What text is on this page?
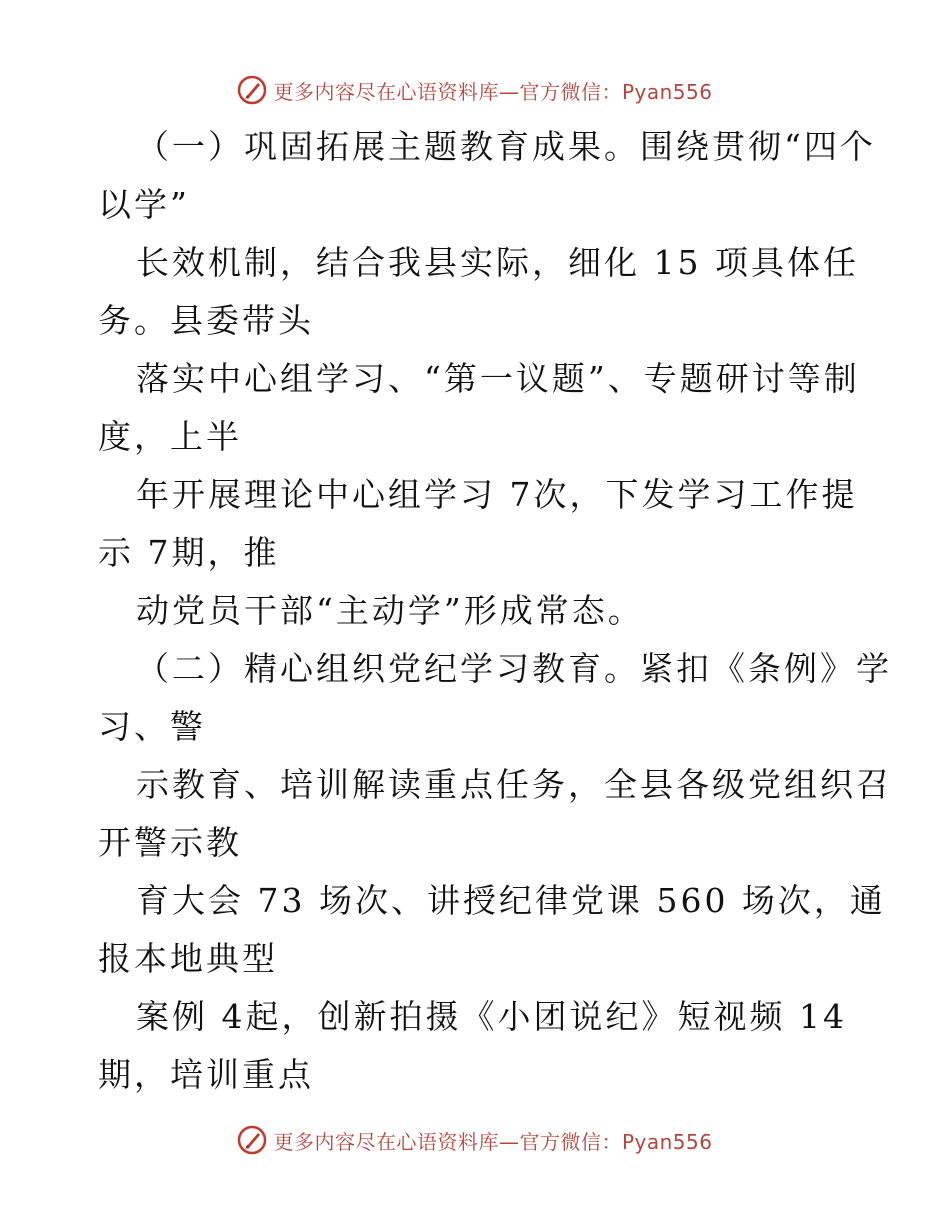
更多内容尽在心语资料库—官方微信：Pyan556
（一）巩固拓展主题教育成果。围绕贯彻“四个
以学”
长效机制，结合我县实际，细化 15 项具体任
务。县委带头
落实中心组学习、“第一议题”、专题研讨等制
度，上半
年开展理论中心组学习 7次，下发学习工作提
示 7期，推
动党员干部“主动学”形成常态。
（二）精心组织党纪学习教育。紧扣《条例》学
习、警
示教育、培训解读重点任务，全县各级党组织召
开警示教
育大会 73 场次、讲授纪律党课 560 场次，通
报本地典型
案例 4起，创新拍摄《小团说纪》短视频 14
期，培训重点
更多内容尽在心语资料库—官方微信：Pyan556
